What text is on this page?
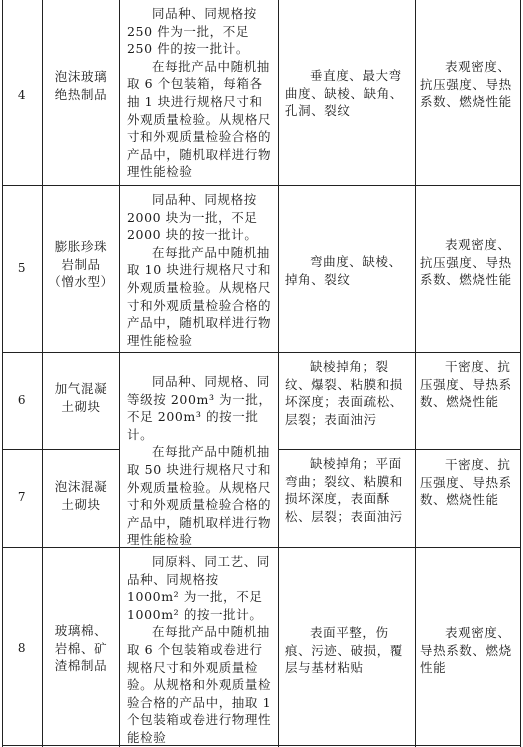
4
泡沫玻璃
绝热制品

同品种、同规格按 250 件为一批，不足 250 件的按一批计。

在每批产品中随机抽取 6 个包装箱，每箱各抽 1 块进行规格尺寸和外观质量检验。从规格尺寸和外观质量检验合格的产品中，随机取样进行物理性能检验

垂直度、最大弯曲度、缺棱、缺角、孔洞、裂纹

表观密度、抗压强度、导热系数、燃烧性能

5
膨胀珍珠
岩制品
（憎水型）

同品种、同规格按 2000 块为一批，不足 2000 块的按一批计。

在每批产品中随机抽取 10 块进行规格尺寸和外观质量检验。从规格尺寸和外观质量检验合格的产品中，随机取样进行物理性能检验

弯曲度、缺棱、掉角、裂纹

表观密度、抗压强度、导热系数、燃烧性能

6
加气混凝
土砌块

同品种、同规格、同等级按 200m³ 为一批，不足 200m³ 的按一批计。

在每批产品中随机抽取 50 块进行规格尺寸和外观质量检验。从规格尺寸和外观质量检验合格的产品中，随机取样进行物理性能检验

缺棱掉角；裂纹、爆裂、粘膜和损坏深度；表面疏松、层裂；表面油污

干密度、抗压强度、导热系数、燃烧性能

7
泡沫混凝
土砌块

缺棱掉角；平面弯曲；裂纹、粘膜和损坏深度，表面酥松、层裂；表面油污

干密度、抗压强度、导热系数、燃烧性能

8
玻璃棉、
岩棉、矿
渣棉制品

同原料、同工艺、同品种、同规格按 1000m² 为一批，不足 1000m² 的按一批计。

在每批产品中随机抽取 6 个包装箱或卷进行规格尺寸和外观质量检验。从规格和外观质量检验合格的产品中，抽取 1 个包装箱或卷进行物理性能检验

表面平整，伤痕、污迹、破损，覆层与基材粘贴

表观密度、导热系数、燃烧性能
